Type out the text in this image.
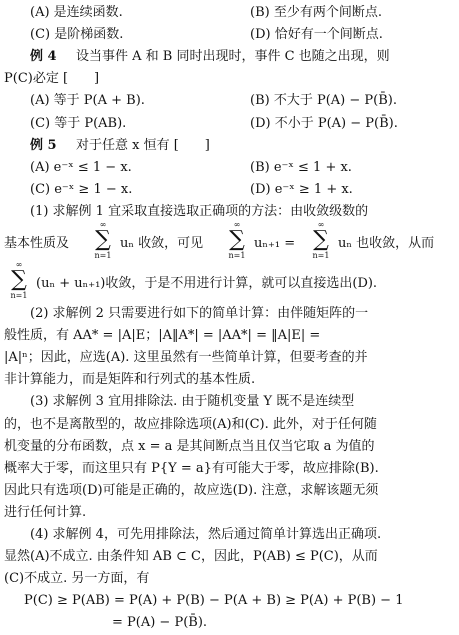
(A) 是连续函数.	(B) 至少有两个间断点.
(C) 是阶梯函数.	(D) 恰好有一个间断点.
例 4 设当事件 A 和 B 同时出现时，事件 C 也随之出现，则
P(C)必定 [　　]
(A) 等于 P(A + B).	(B) 不大于 P(A) − P(B̄).
(C) 等于 P(AB).	(D) 不小于 P(A) − P(B̄).
例 5 对于任意 x 恒有 [　　]
(A) e⁻ˣ ≤ 1 − x.	(B) e⁻ˣ ≤ 1 + x.
(C) e⁻ˣ ≥ 1 − x.	(D) e⁻ˣ ≥ 1 + x.
(1) 求解例 1 宜采取直接选取正确项的方法：由收敛级数的
基本性质及
∞
∑
n=1
uₙ 收敛，可见
∞
∑
n=1
uₙ₊₁ =
∞
∑
n=1
uₙ 也收敛，从而
∞
∑
n=1
(uₙ + uₙ₊₁)收敛，于是不用进行计算，就可以直接选出(D).
(2) 求解例 2 只需要进行如下的简单计算：由伴随矩阵的一
般性质，有 AA* = |A|E；|A‖A*| = |AA*| = ‖A|E| =
|A|ⁿ；因此，应选(A). 这里虽然有一些简单计算，但要考查的并
非计算能力，而是矩阵和行列式的基本性质.
(3) 求解例 3 宜用排除法. 由于随机变量 Y 既不是连续型
的，也不是离散型的，故应排除选项(A)和(C). 此外，对于任何随
机变量的分布函数，点 x = a 是其间断点当且仅当它取 a 为值的
概率大于零，而这里只有 P{Y = a}有可能大于零，故应排除(B).
因此只有选项(D)可能是正确的，故应选(D). 注意，求解该题无须
进行任何计算.
(4) 求解例 4，可先用排除法，然后通过简单计算选出正确项.
显然(A)不成立. 由条件知 AB ⊂ C，因此，P(AB) ≤ P(C)，从而
(C)不成立. 另一方面，有
P(C) ≥ P(AB) = P(A) + P(B) − P(A + B) ≥ P(A) + P(B) − 1
= P(A) − P(B̄).
